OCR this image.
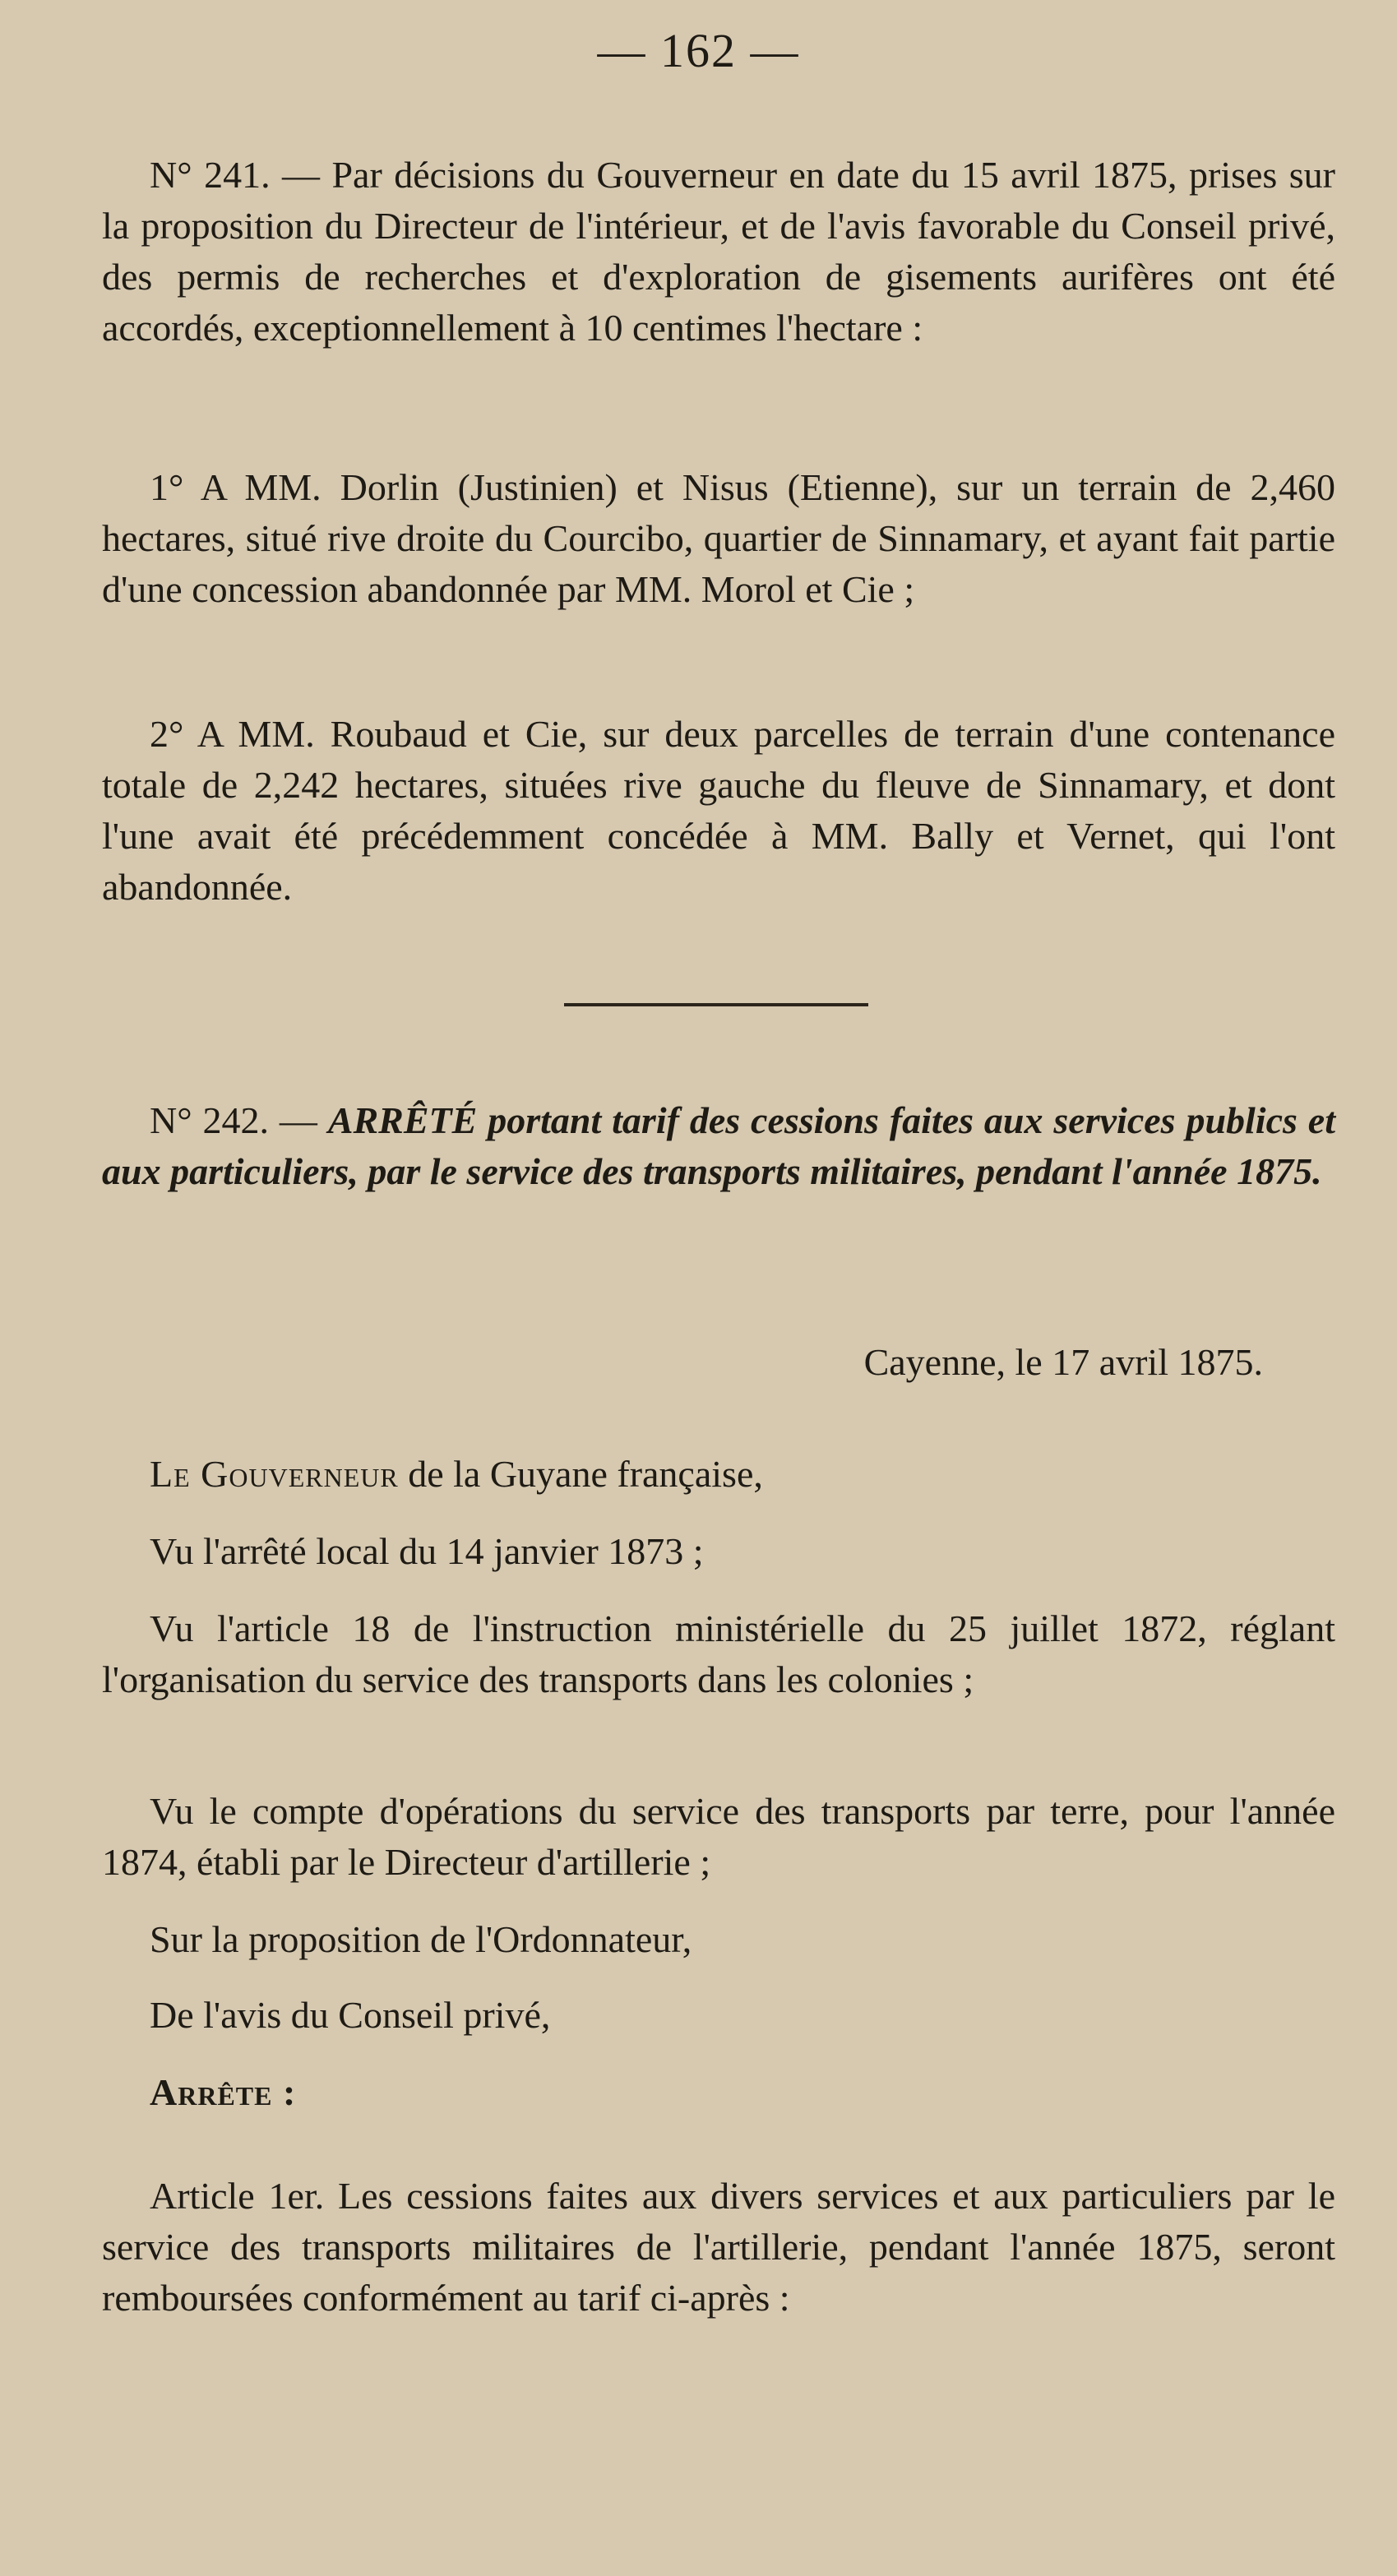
— 162 —

N° 241. — Par décisions du Gouverneur en date du 15 avril 1875, prises sur la proposition du Directeur de l'intérieur, et de l'avis favorable du Conseil privé, des permis de recherches et d'exploration de gisements aurifères ont été accordés, exceptionnellement à 10 centimes l'hectare :

1° A MM. Dorlin (Justinien) et Nisus (Etienne), sur un terrain de 2,460 hectares, situé rive droite du Courcibo, quartier de Sinnamary, et ayant fait partie d'une concession abandonnée par MM. Morol et Cie ;

2° A MM. Roubaud et Cie, sur deux parcelles de terrain d'une contenance totale de 2,242 hectares, situées rive gauche du fleuve de Sinnamary, et dont l'une avait été précédemment concédée à MM. Bally et Vernet, qui l'ont abandonnée.

N° 242. — ARRÊTÉ portant tarif des cessions faites aux services publics et aux particuliers, par le service des transports militaires, pendant l'année 1875.

Cayenne, le 17 avril 1875.

Le Gouverneur de la Guyane française,

Vu l'arrêté local du 14 janvier 1873 ;

Vu l'article 18 de l'instruction ministérielle du 25 juillet 1872, réglant l'organisation du service des transports dans les colonies ;

Vu le compte d'opérations du service des transports par terre, pour l'année 1874, établi par le Directeur d'artillerie ;

Sur la proposition de l'Ordonnateur,

De l'avis du Conseil privé,

Arrête :

Article 1er. Les cessions faites aux divers services et aux particuliers par le service des transports militaires de l'artillerie, pendant l'année 1875, seront remboursées conformément au tarif ci-après :
